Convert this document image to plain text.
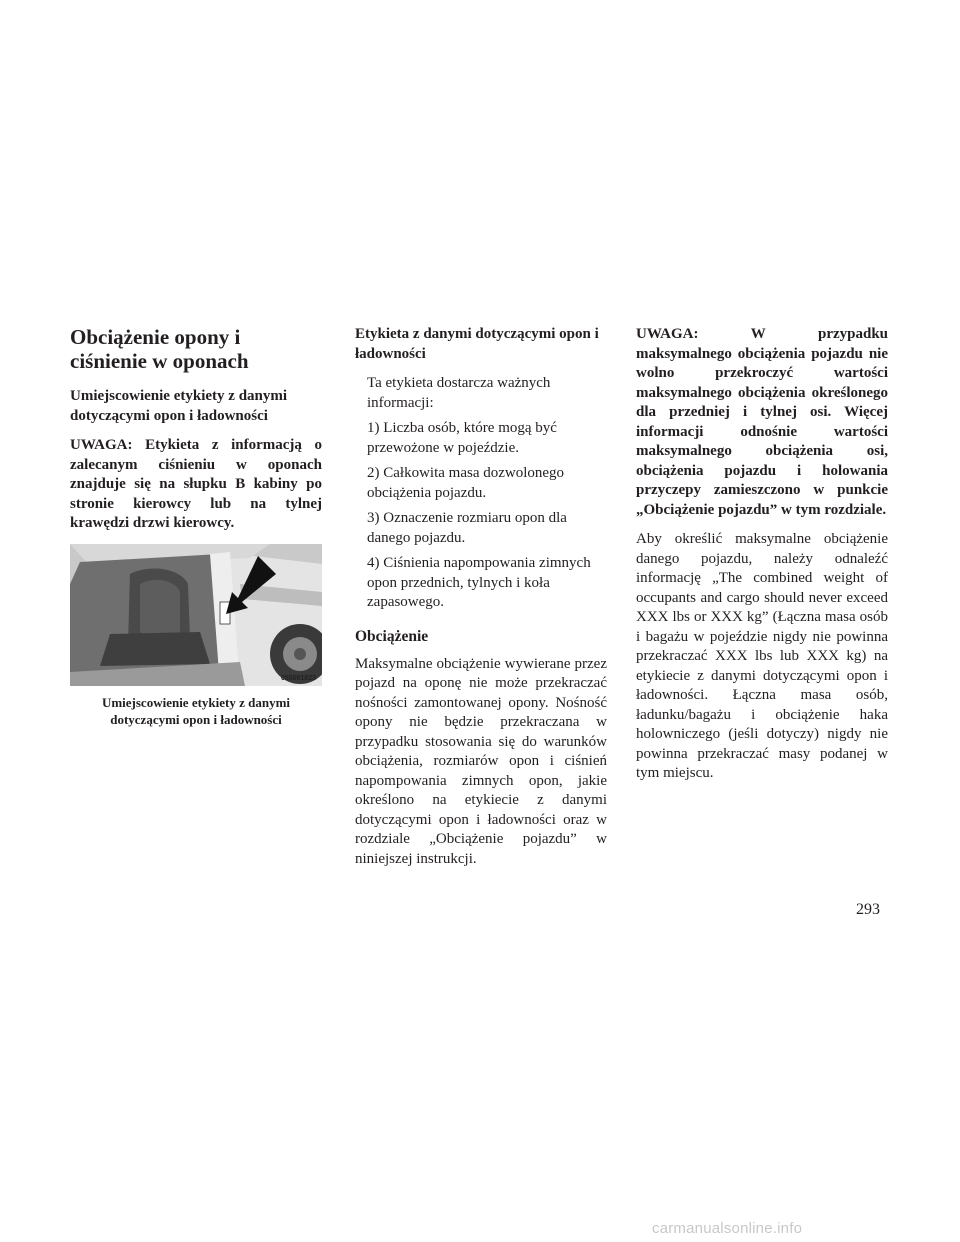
Obciążenie opony i ciśnienie w oponach
Umiejscowienie etykiety z danymi dotyczącymi opon i ładowności

UWAGA: Etykieta z informacją o zalecanym ciśnieniu w oponach znajduje się na słupku B kabiny po stronie kierowcy lub na tylnej krawędzi drzwi kierowcy.

055001823
Umiejscowienie etykiety z danymi dotyczącymi opon i ładowności
Etykieta z danymi dotyczącymi opon i ładowności
Ta etykieta dostarcza ważnych informacji:
1) Liczba osób, które mogą być przewożone w pojeździe.
2) Całkowita masa dozwolonego obciążenia pojazdu.
3) Oznaczenie rozmiaru opon dla danego pojazdu.
4) Ciśnienia napompowania zimnych opon przednich, tylnych i koła zapasowego.
Obciążenie

Maksymalne obciążenie wywierane przez pojazd na oponę nie może przekraczać nośności zamontowanej opony. Nośność opony nie będzie przekraczana w przypadku stosowania się do warunków obciążenia, rozmiarów opon i ciśnień napompowania zimnych opon, jakie określono na etykiecie z danymi dotyczącymi opon i ładowności oraz w rozdziale „Obciążenie pojazdu” w niniejszej instrukcji.

UWAGA: W przypadku maksymalnego obciążenia pojazdu nie wolno przekroczyć wartości maksymalnego obciążenia określonego dla przedniej i tylnej osi. Więcej informacji odnośnie wartości maksymalnego obciążenia osi, obciążenia pojazdu i holowania przyczepy zamieszczono w punkcie „Obciążenie pojazdu” w tym rozdziale.

Aby określić maksymalne obciążenie danego pojazdu, należy odnaleźć informację „The combined weight of occupants and cargo should never exceed XXX lbs or XXX kg” (Łączna masa osób i bagażu w pojeździe nigdy nie powinna przekraczać XXX lbs lub XXX kg) na etykiecie z danymi dotyczącymi opon i ładowności. Łączna masa osób, ładunku/bagażu i obciążenie haka holowniczego (jeśli dotyczy) nigdy nie powinna przekraczać masy podanej w tym miejscu.

293
carmanualsonline.info
